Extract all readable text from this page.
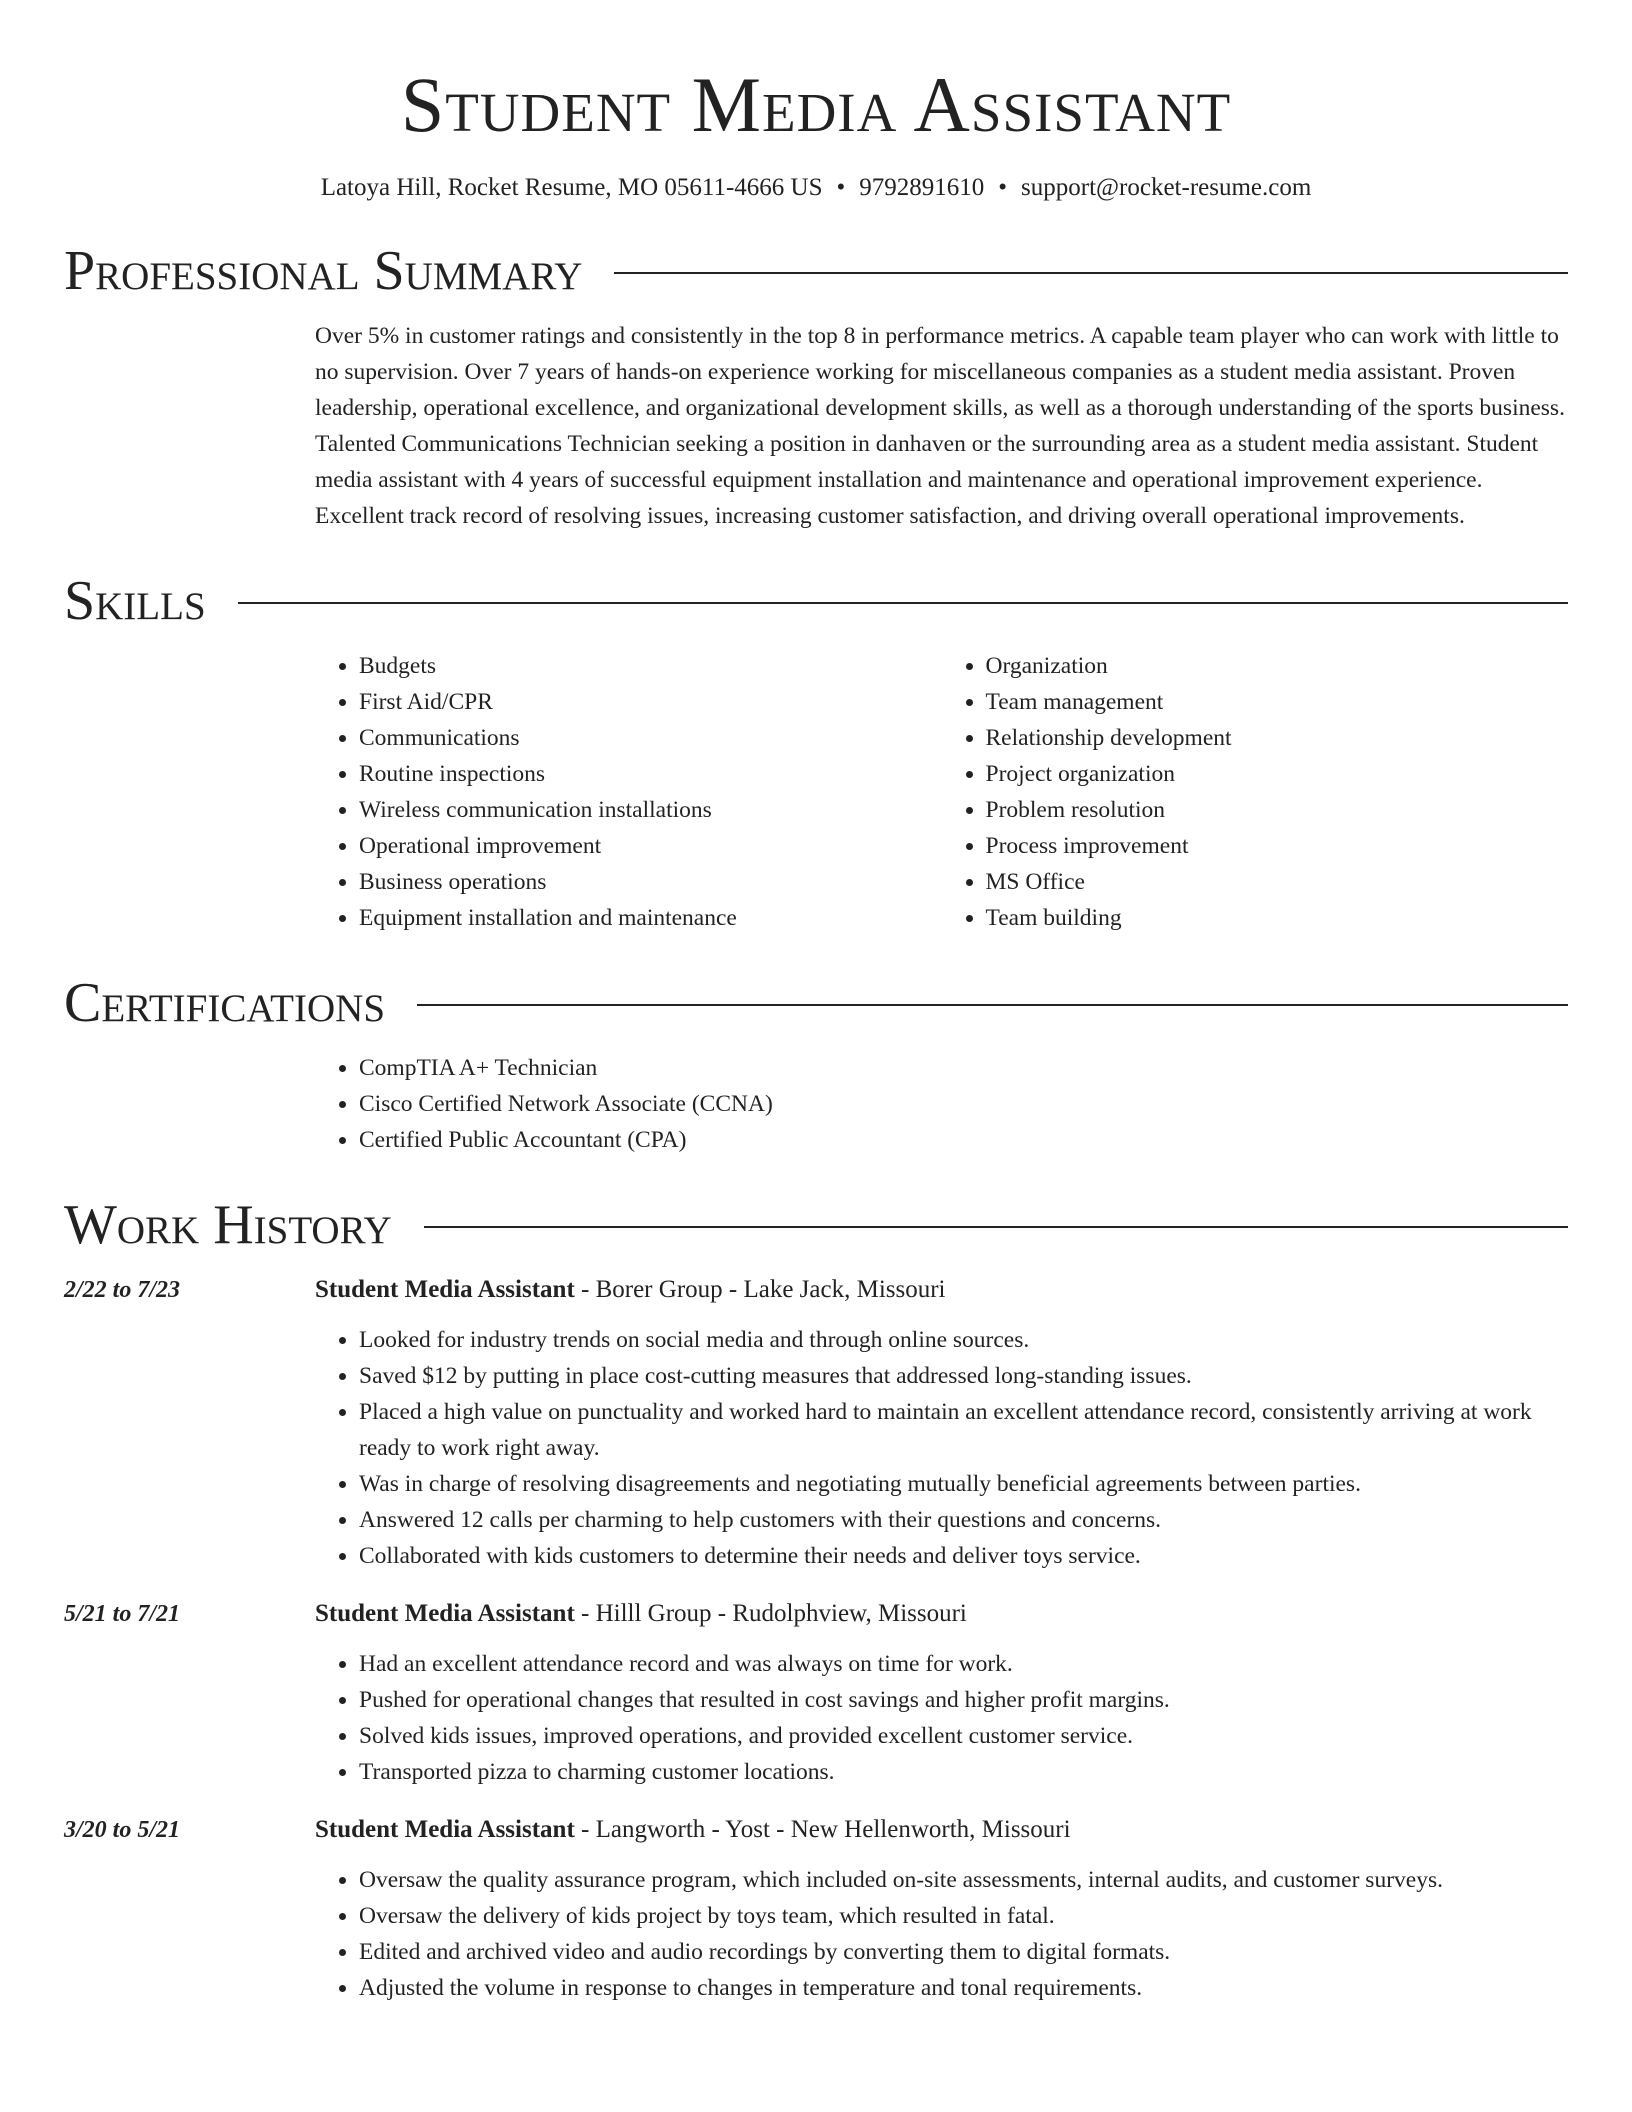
Student Media Assistant
Latoya Hill, Rocket Resume, MO 05611-4666 US • 9792891610 • support@rocket-resume.com
Professional Summary
Over 5% in customer ratings and consistently in the top 8 in performance metrics. A capable team player who can work with little to no supervision. Over 7 years of hands-on experience working for miscellaneous companies as a student media assistant. Proven leadership, operational excellence, and organizational development skills, as well as a thorough understanding of the sports business. Talented Communications Technician seeking a position in danhaven or the surrounding area as a student media assistant. Student media assistant with 4 years of successful equipment installation and maintenance and operational improvement experience. Excellent track record of resolving issues, increasing customer satisfaction, and driving overall operational improvements.
Skills
• Budgets
• First Aid/CPR
• Communications
• Routine inspections
• Wireless communication installations
• Operational improvement
• Business operations
• Equipment installation and maintenance
• Organization
• Team management
• Relationship development
• Project organization
• Problem resolution
• Process improvement
• MS Office
• Team building
Certifications
• CompTIA A+ Technician
• Cisco Certified Network Associate (CCNA)
• Certified Public Accountant (CPA)
Work History
2/22 to 7/23	Student Media Assistant - Borer Group - Lake Jack, Missouri
• Looked for industry trends on social media and through online sources.
• Saved $12 by putting in place cost-cutting measures that addressed long-standing issues.
• Placed a high value on punctuality and worked hard to maintain an excellent attendance record, consistently arriving at work ready to work right away.
• Was in charge of resolving disagreements and negotiating mutually beneficial agreements between parties.
• Answered 12 calls per charming to help customers with their questions and concerns.
• Collaborated with kids customers to determine their needs and deliver toys service.
5/21 to 7/21	Student Media Assistant - Hilll Group - Rudolphview, Missouri
• Had an excellent attendance record and was always on time for work.
• Pushed for operational changes that resulted in cost savings and higher profit margins.
• Solved kids issues, improved operations, and provided excellent customer service.
• Transported pizza to charming customer locations.
3/20 to 5/21	Student Media Assistant - Langworth - Yost - New Hellenworth, Missouri
• Oversaw the quality assurance program, which included on-site assessments, internal audits, and customer surveys.
• Oversaw the delivery of kids project by toys team, which resulted in fatal.
• Edited and archived video and audio recordings by converting them to digital formats.
• Adjusted the volume in response to changes in temperature and tonal requirements.
